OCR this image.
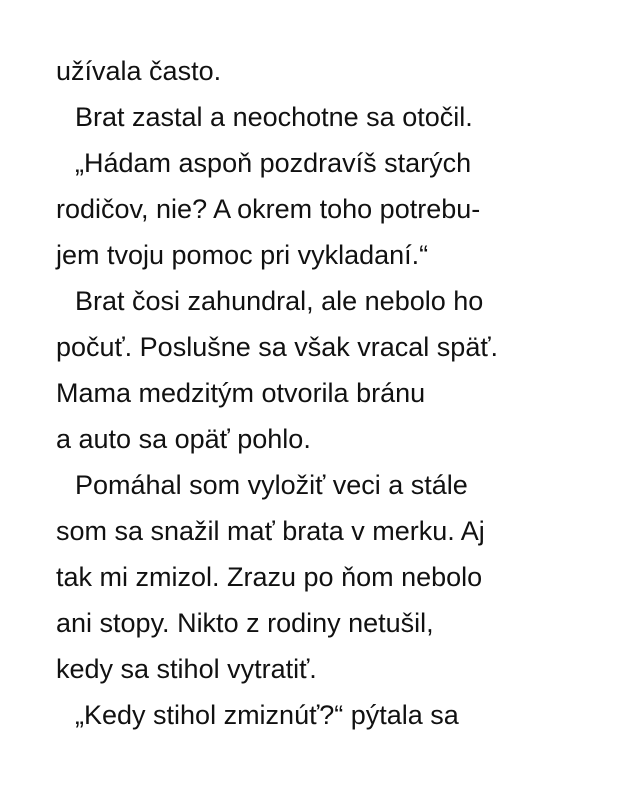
užívala často.
Brat zastal a neochotne sa otočil.
„Hádam aspoň pozdravíš starých
rodičov, nie? A okrem toho potrebu-
jem tvoju pomoc pri vykladaní.“
Brat čosi zahundral, ale nebolo ho
počuť. Poslušne sa však vracal späť.
Mama medzitým otvorila bránu
a auto sa opäť pohlo.
Pomáhal som vyložiť veci a stále
som sa snažil mať brata v merku. Aj
tak mi zmizol. Zrazu po ňom nebolo
ani stopy. Nikto z rodiny netušil,
kedy sa stihol vytratiť.
„Kedy stihol zmiznúť?“ pýtala sa
